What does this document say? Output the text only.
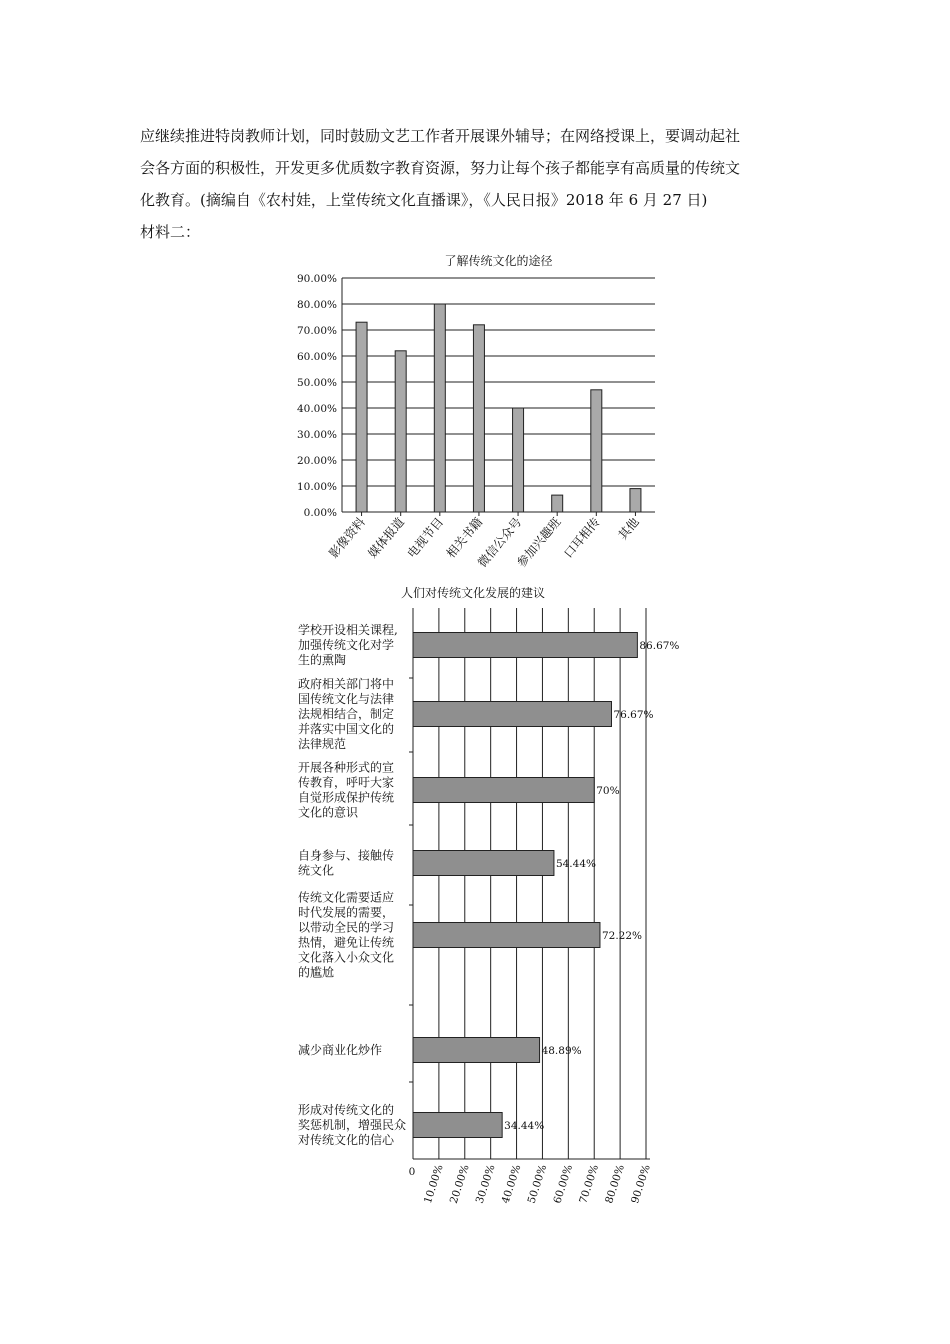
应继续推进特岗教师计划，同时鼓励文艺工作者开展课外辅导；在网络授课上，要调动起社

会各方面的积极性，开发更多优质数字教育资源，努力让每个孩子都能享有高质量的传统文

化教育。(摘编自《农村娃，上堂传统文化直播课》，《人民日报》2018 年 6 月 27 日)

材料二：

了解传统文化的途径
0.00%
10.00%
20.00%
30.00%
40.00%
50.00%
60.00%
70.00%
80.00%
90.00%
影像资料
媒体报道
电视节目
相关书籍
微信公众号
参加兴趣班
口耳相传 其他
人们对传统文化发展的建议
0 10.00% 20.00% 30.00% 40.00% 50.00% 60.00% 70.00% 80.00% 90.00%
86.67%
学校开设相关课程,
加强传统文化对学
生的熏陶
76.67%
政府相关部门将中
国传统文化与法律
法规相结合，制定
并落实中国文化的
法律规范
70%
开展各种形式的宣
传教育，呼吁大家
自觉形成保护传统
文化的意识
54.44%
自身参与、接触传
统文化
72.22%
传统文化需要适应
时代发展的需要，
以带动全民的学习
热情，避免让传统
文化落入小众文化
的尴尬
48.89%
减少商业化炒作
34.44%
形成对传统文化的
奖惩机制，增强民众
对传统文化的信心
